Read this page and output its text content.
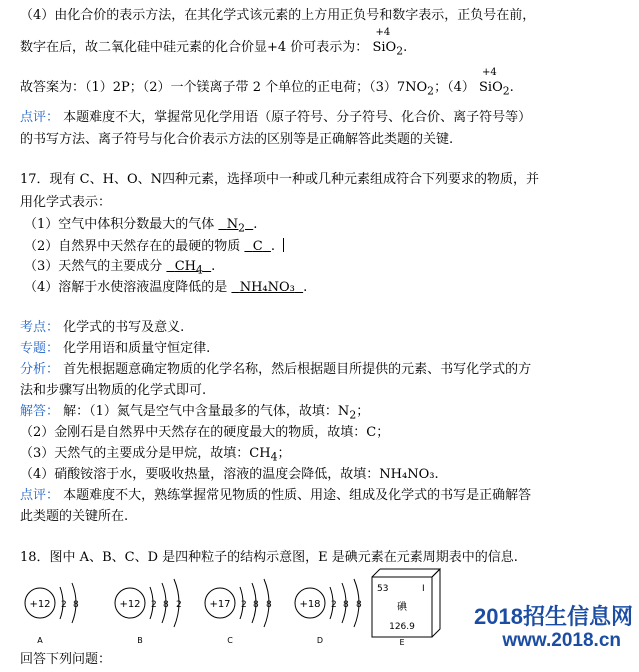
（4）由化合价的表示方法，在其化学式该元素的上方用正负号和数字表示，正负号在前，
数字在后，故二氧化硅中硅元素的化合价显+4 价可表示为：
+4
SiO$_2$.
故答案为：（1）2P；（2）一个镁离子带 2 个单位的正电荷；$(3)7NO_2$；（4）
+4
SiO$_2$.
点评： 本题难度不大，掌握常见化学用语（原子符号、分子符号、化合价、离子符号等）
的书写方法、离子符号与化合价表示方法的区别等是正确解答此类题的关键.
17．现有 C、H、O、N四种元素，选择项中一种或几种元素组成符合下列要求的物质，并
用化学式表示：
（1）空气中体积分数最大的气体 $N_2$ .
（2）自然界中天然存在的最硬的物质 C .
（3）天然气的主要成分 $CH_4$ .
（4）溶解于水使溶液温度降低的是 NH₄NO₃ .
考点： 化学式的书写及意义.
专题： 化学用语和质量守恒定律.
分析： 首先根据题意确定物质的化学名称，然后根据题目所提供的元素、书写化学式的方
法和步骤写出物质的化学式即可.
解答： 解：（1）氮气是空气中含量最多的气体，故填：$N_2$；
（2）金刚石是自然界中天然存在的硬度最大的物质，故填：C；
（3）天然气的主要成分是甲烷，故填：$CH_4$；
（4）硝酸铵溶于水，要吸收热量，溶液的温度会降低，故填：NH₄NO₃.
点评： 本题难度不大，熟练掌握常见物质的性质、用途、组成及化学式的书写是正确解答
此类题的关键所在.
18．图中 A、B、C、D 是四种粒子的结构示意图，E 是碘元素在元素周期表中的信息.
+12 2 8
A
+12 2 8 2
B
+17 2 8 8
C
+18 2 8 8
D
53	I
碘
126.9
E
回答下列问题：
2018招生信息网
www.2018.cn
